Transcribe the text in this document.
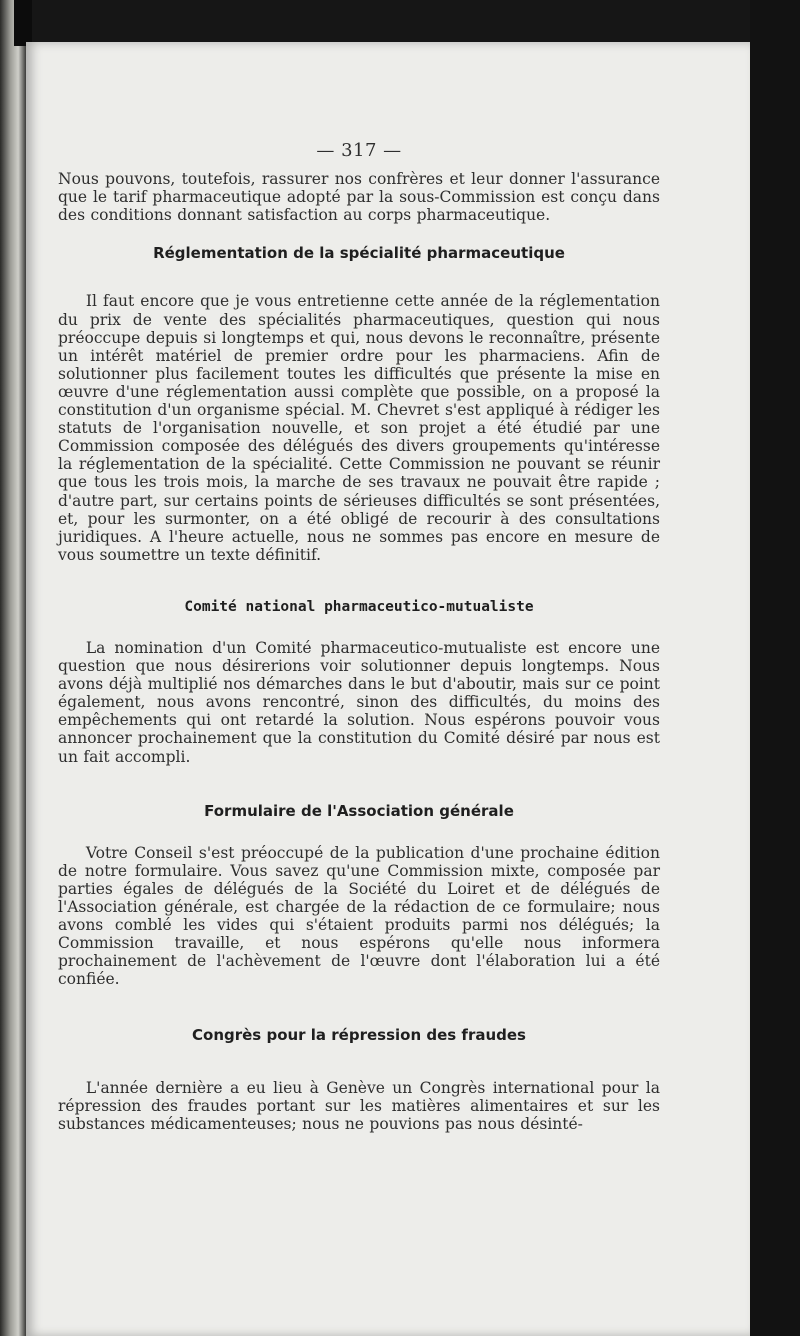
— 317 —

Nous pouvons, toutefois, rassurer nos confrères et leur donner l'assurance que le tarif pharmaceutique adopté par la sous-Commission est conçu dans des conditions donnant satisfaction au corps pharmaceutique.

Réglementation de la spécialité pharmaceutique

Il faut encore que je vous entretienne cette année de la réglementation du prix de vente des spécialités pharmaceutiques, question qui nous préoccupe depuis si longtemps et qui, nous devons le reconnaître, présente un intérêt matériel de premier ordre pour les pharmaciens. Afin de solutionner plus facilement toutes les difficultés que présente la mise en œuvre d'une réglementation aussi complète que possible, on a proposé la constitution d'un organisme spécial. M. Chevret s'est appliqué à rédiger les statuts de l'organisation nouvelle, et son projet a été étudié par une Commission composée des délégués des divers groupements qu'intéresse la réglementation de la spécialité. Cette Commission ne pouvant se réunir que tous les trois mois, la marche de ses travaux ne pouvait être rapide ; d'autre part, sur certains points de sérieuses difficultés se sont présentées, et, pour les surmonter, on a été obligé de recourir à des consultations juridiques. A l'heure actuelle, nous ne sommes pas encore en mesure de vous soumettre un texte définitif.

Comité national pharmaceutico-mutualiste

La nomination d'un Comité pharmaceutico-mutualiste est encore une question que nous désirerions voir solutionner depuis longtemps. Nous avons déjà multiplié nos démarches dans le but d'aboutir, mais sur ce point également, nous avons rencontré, sinon des difficultés, du moins des empêchements qui ont retardé la solution. Nous espérons pouvoir vous annoncer prochainement que la constitution du Comité désiré par nous est un fait accompli.

Formulaire de l'Association générale

Votre Conseil s'est préoccupé de la publication d'une prochaine édition de notre formulaire. Vous savez qu'une Commission mixte, composée par parties égales de délégués de la Société du Loiret et de délégués de l'Association générale, est chargée de la rédaction de ce formulaire; nous avons comblé les vides qui s'étaient produits parmi nos délégués; la Commission travaille, et nous espérons qu'elle nous informera prochainement de l'achèvement de l'œuvre dont l'élaboration lui a été confiée.

Congrès pour la répression des fraudes

L'année dernière a eu lieu à Genève un Congrès international pour la répression des fraudes portant sur les matières alimentaires et sur les substances médicamenteuses; nous ne pouvions pas nous désinté-
